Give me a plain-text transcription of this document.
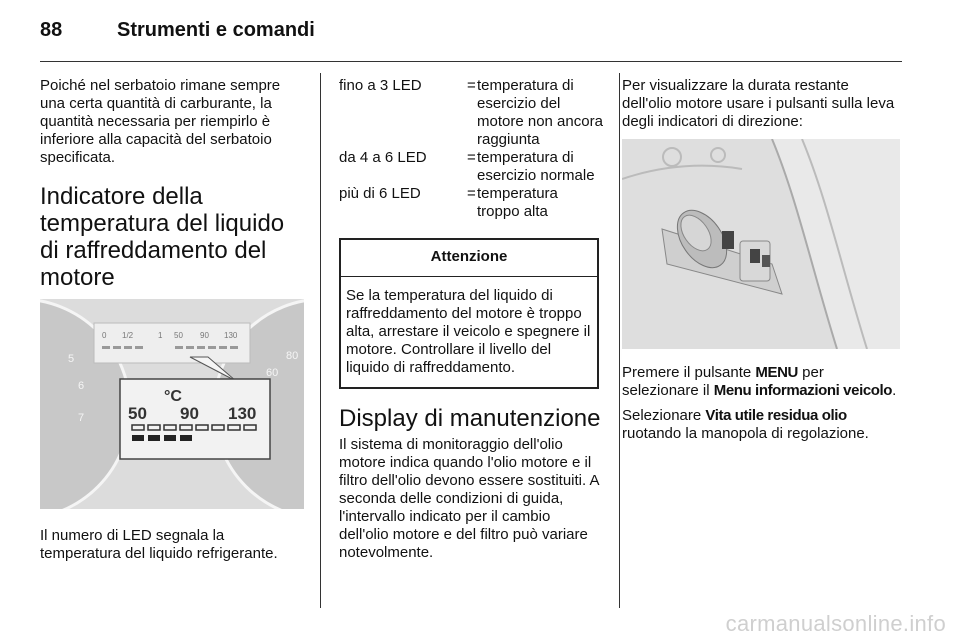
88	Strumenti e comandi

Poiché nel serbatoio rimane sempre una certa quantità di carburante, la quantità necessaria per riempirlo è inferiore alla capacità del serbatoio specificata.

Indicatore della temperatura del liquido di raffreddamento del motore
5
6
7
80
60
0 1/2	1 50 90 130
°C
50 90 130

Il numero di LED segnala la temperatura del liquido refrigerante.

fino a 3 LED	=	temperatura di esercizio del motore non ancora raggiunta
da 4 a 6 LED	=	temperatura di esercizio normale
più di 6 LED	=	temperatura troppo alta
Attenzione
Se la temperatura del liquido di raffreddamento del motore è troppo alta, arrestare il veicolo e spegnere il motore. Controllare il livello del liquido di raffreddamento.
Display di manutenzione

Il sistema di monitoraggio dell'olio motore indica quando l'olio motore e il filtro dell'olio devono essere sostituiti. A seconda delle condizioni di guida, l'intervallo indicato per il cambio dell'olio motore e del filtro può variare notevolmente.

Per visualizzare la durata restante dell'olio motore usare i pulsanti sulla leva degli indicatori di direzione:

Premere il pulsante MENU per selezionare il Menu informazioni veicolo.

Selezionare Vita utile residua olio ruotando la manopola di regolazione.

carmanualsonline.info
